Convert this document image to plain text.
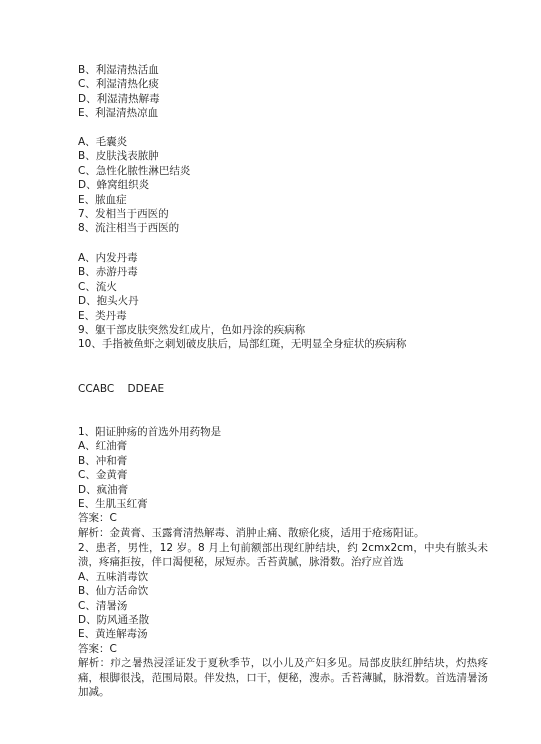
B、利湿清热活血
C、利湿清热化痰
D、利湿清热解毒
E、利湿清热凉血
A、毛囊炎
B、皮肤浅表脓肿
C、急性化脓性淋巴结炎
D、蜂窝组织炎
E、脓血症
7、发相当于西医的
8、流注相当于西医的
A、内发丹毒
B、赤游丹毒
C、流火
D、抱头火丹
E、类丹毒
9、躯干部皮肤突然发红成片，色如丹涂的疾病称
10、手指被鱼虾之刺划破皮肤后，局部红斑，无明显全身症状的疾病称
CCABC    DDEAE
1、阳证肿疡的首选外用药物是
A、红油膏
B、冲和膏
C、金黄膏
D、疯油膏
E、生肌玉红膏
答案：C
解析：金黄膏、玉露膏清热解毒、消肿止痛、散瘀化痰，适用于疮疡阳证。
2、患者，男性，12 岁。8 月上旬前额部出现红肿结块，约 2cmx2cm，中央有脓头未溃，疼痛拒按，伴口渴便秘，尿短赤。舌苔黄腻，脉滑数。治疗应首选
A、五味消毒饮
B、仙方活命饮
C、清暑汤
D、防风通圣散
E、黄连解毒汤
答案：C
解析：疖之暑热浸淫证发于夏秋季节，以小儿及产妇多见。局部皮肤红肿结块，灼热疼痛，根脚很浅，范围局限。伴发热，口干，便秘，溲赤。舌苔薄腻，脉滑数。首选清暑汤加减。
